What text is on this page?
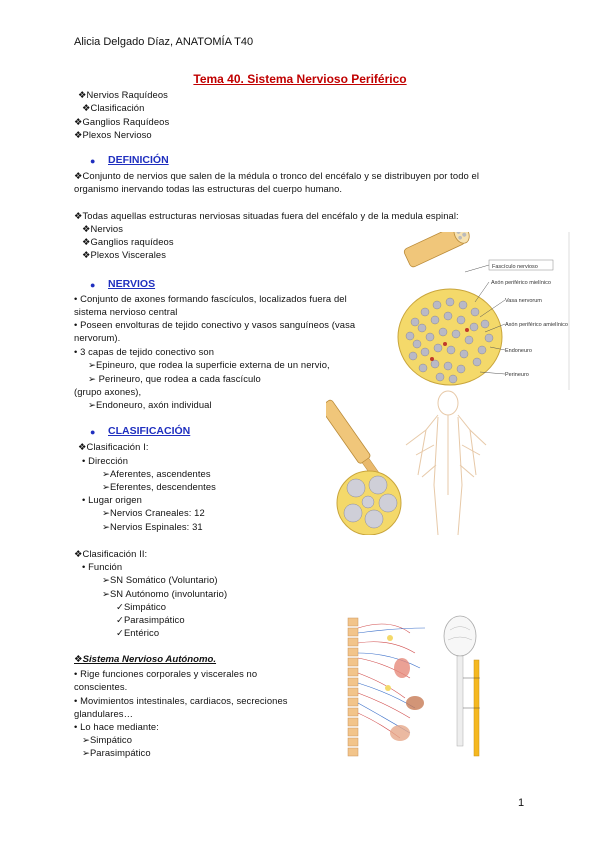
Alicia Delgado Díaz, ANATOMÍA T40
Tema 40. Sistema Nervioso Periférico
❖Nervios Raquídeos
❖Clasificación
❖Ganglios Raquídeos
❖Plexos Nervioso
● DEFINICIÓN
❖Conjunto de nervios que salen de la médula o tronco del encéfalo y se distribuyen por todo el
organismo inervando todas las estructuras del cuerpo humano.
❖Todas aquellas estructuras nerviosas situadas fuera del encéfalo y de la medula espinal:
❖Nervios
❖Ganglios raquídeos
❖Plexos Viscerales
● NERVIOS
• Conjunto de axones formando fascículos, localizados fuera del
sistema nervioso central
• Poseen envolturas de tejido conectivo y vasos sanguíneos (vasa
nervorum).
• 3 capas de tejido conectivo son
➢Epineuro, que rodea la superficie externa de un nervio,
➢ Perineuro, que rodea a cada fascículo
(grupo axones),
➢Endoneuro, axón individual
● CLASIFICACIÓN
❖Clasificación I:
• Dirección
➢Aferentes, ascendentes
➢Eferentes, descendentes
• Lugar origen
➢Nervios Craneales: 12
➢Nervios Espinales: 31
❖Clasificación II:
• Función
➢SN Somático (Voluntario)
➢SN Autónomo (involuntario)
✓Simpático
✓Parasimpático
✓Entérico
❖Sistema Nervioso Autónomo.
• Rige funciones corporales y viscerales no
conscientes.
• Movimientos intestinales, cardiacos, secreciones
glandulares…
• Lo hace mediante:
➢Simpático
➢Parasimpático
Fascículo nervioso
Axón periférico mielínico
Vasa nervorum
Axón periférico amielínico
Endoneuro
Perineuro
1
